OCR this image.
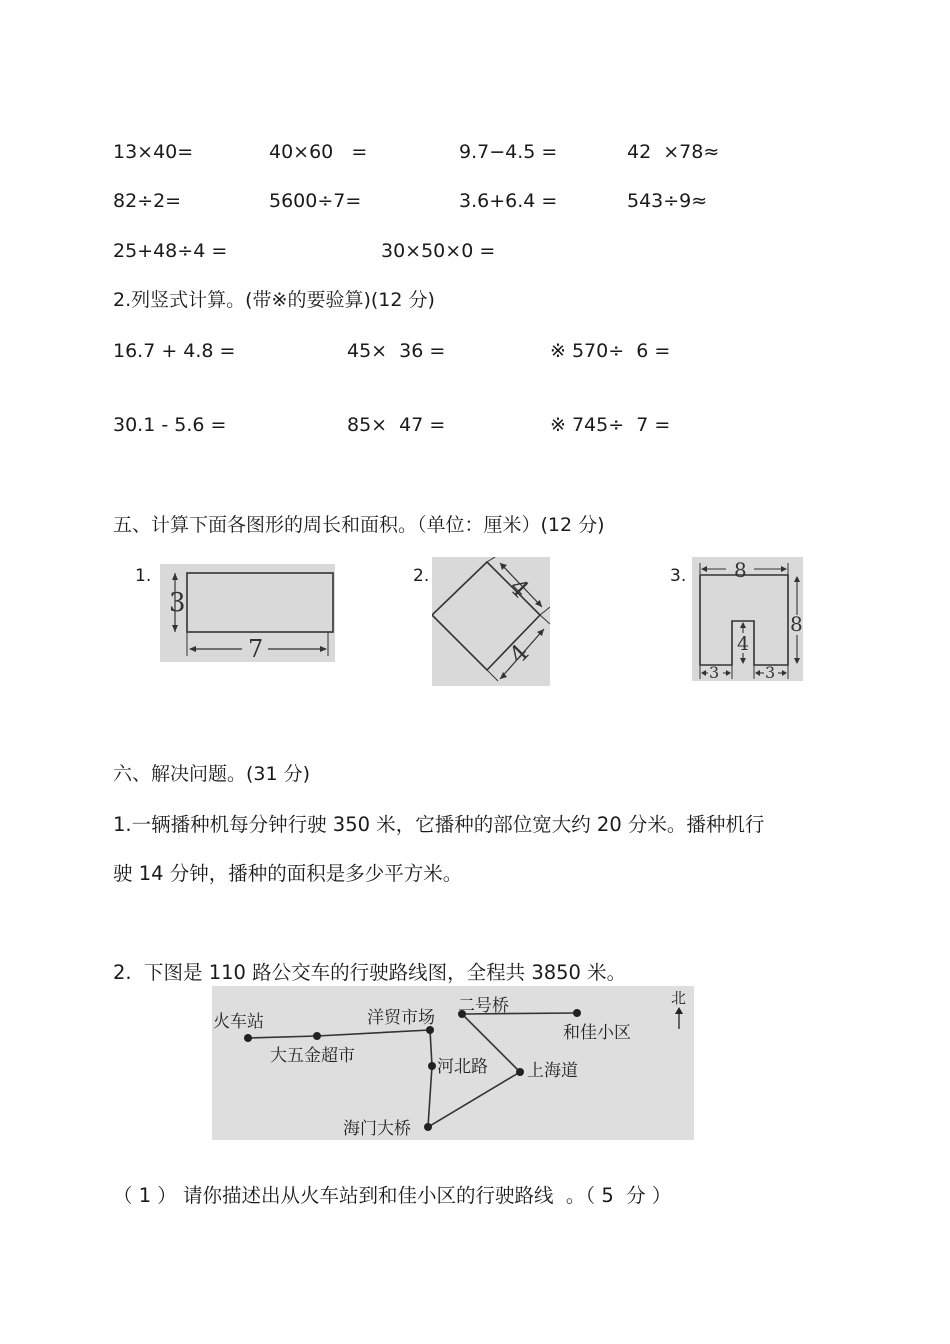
13×40=	40×60   =	9.7−4.5 =	42  ×78≈
82÷2=	5600÷7=	3.6+6.4 =	543÷9≈
25+48÷4 =	30×50×0 =
2.列竖式计算。(带※的要验算)(12 分)
16.7 + 4.8 =	45×  36 =	※ 570÷  6 =
30.1 - 5.6 =	85×  47 =	※ 745÷  7 =
五、计算下面各图形的周长和面积。（单位：厘米）(12 分)
1.
3
7
2.	4
4
3. 8
8
4
3	3
六、解决问题。(31 分)
1.一辆播种机每分钟行驶 350 米，它播种的部位宽大约 20 分米。播种机行
驶 14 分钟，播种的面积是多少平方米。
2.  下图是 110 路公交车的行驶路线图，全程共 3850 米。
火车站
大五金超市
洋贸市场
二号桥
和佳小区
河北路 上海道
海门大桥
北
（ 1 ） 请你描述出从火车站到和佳小区的行驶路线  。（ 5  分 ）
